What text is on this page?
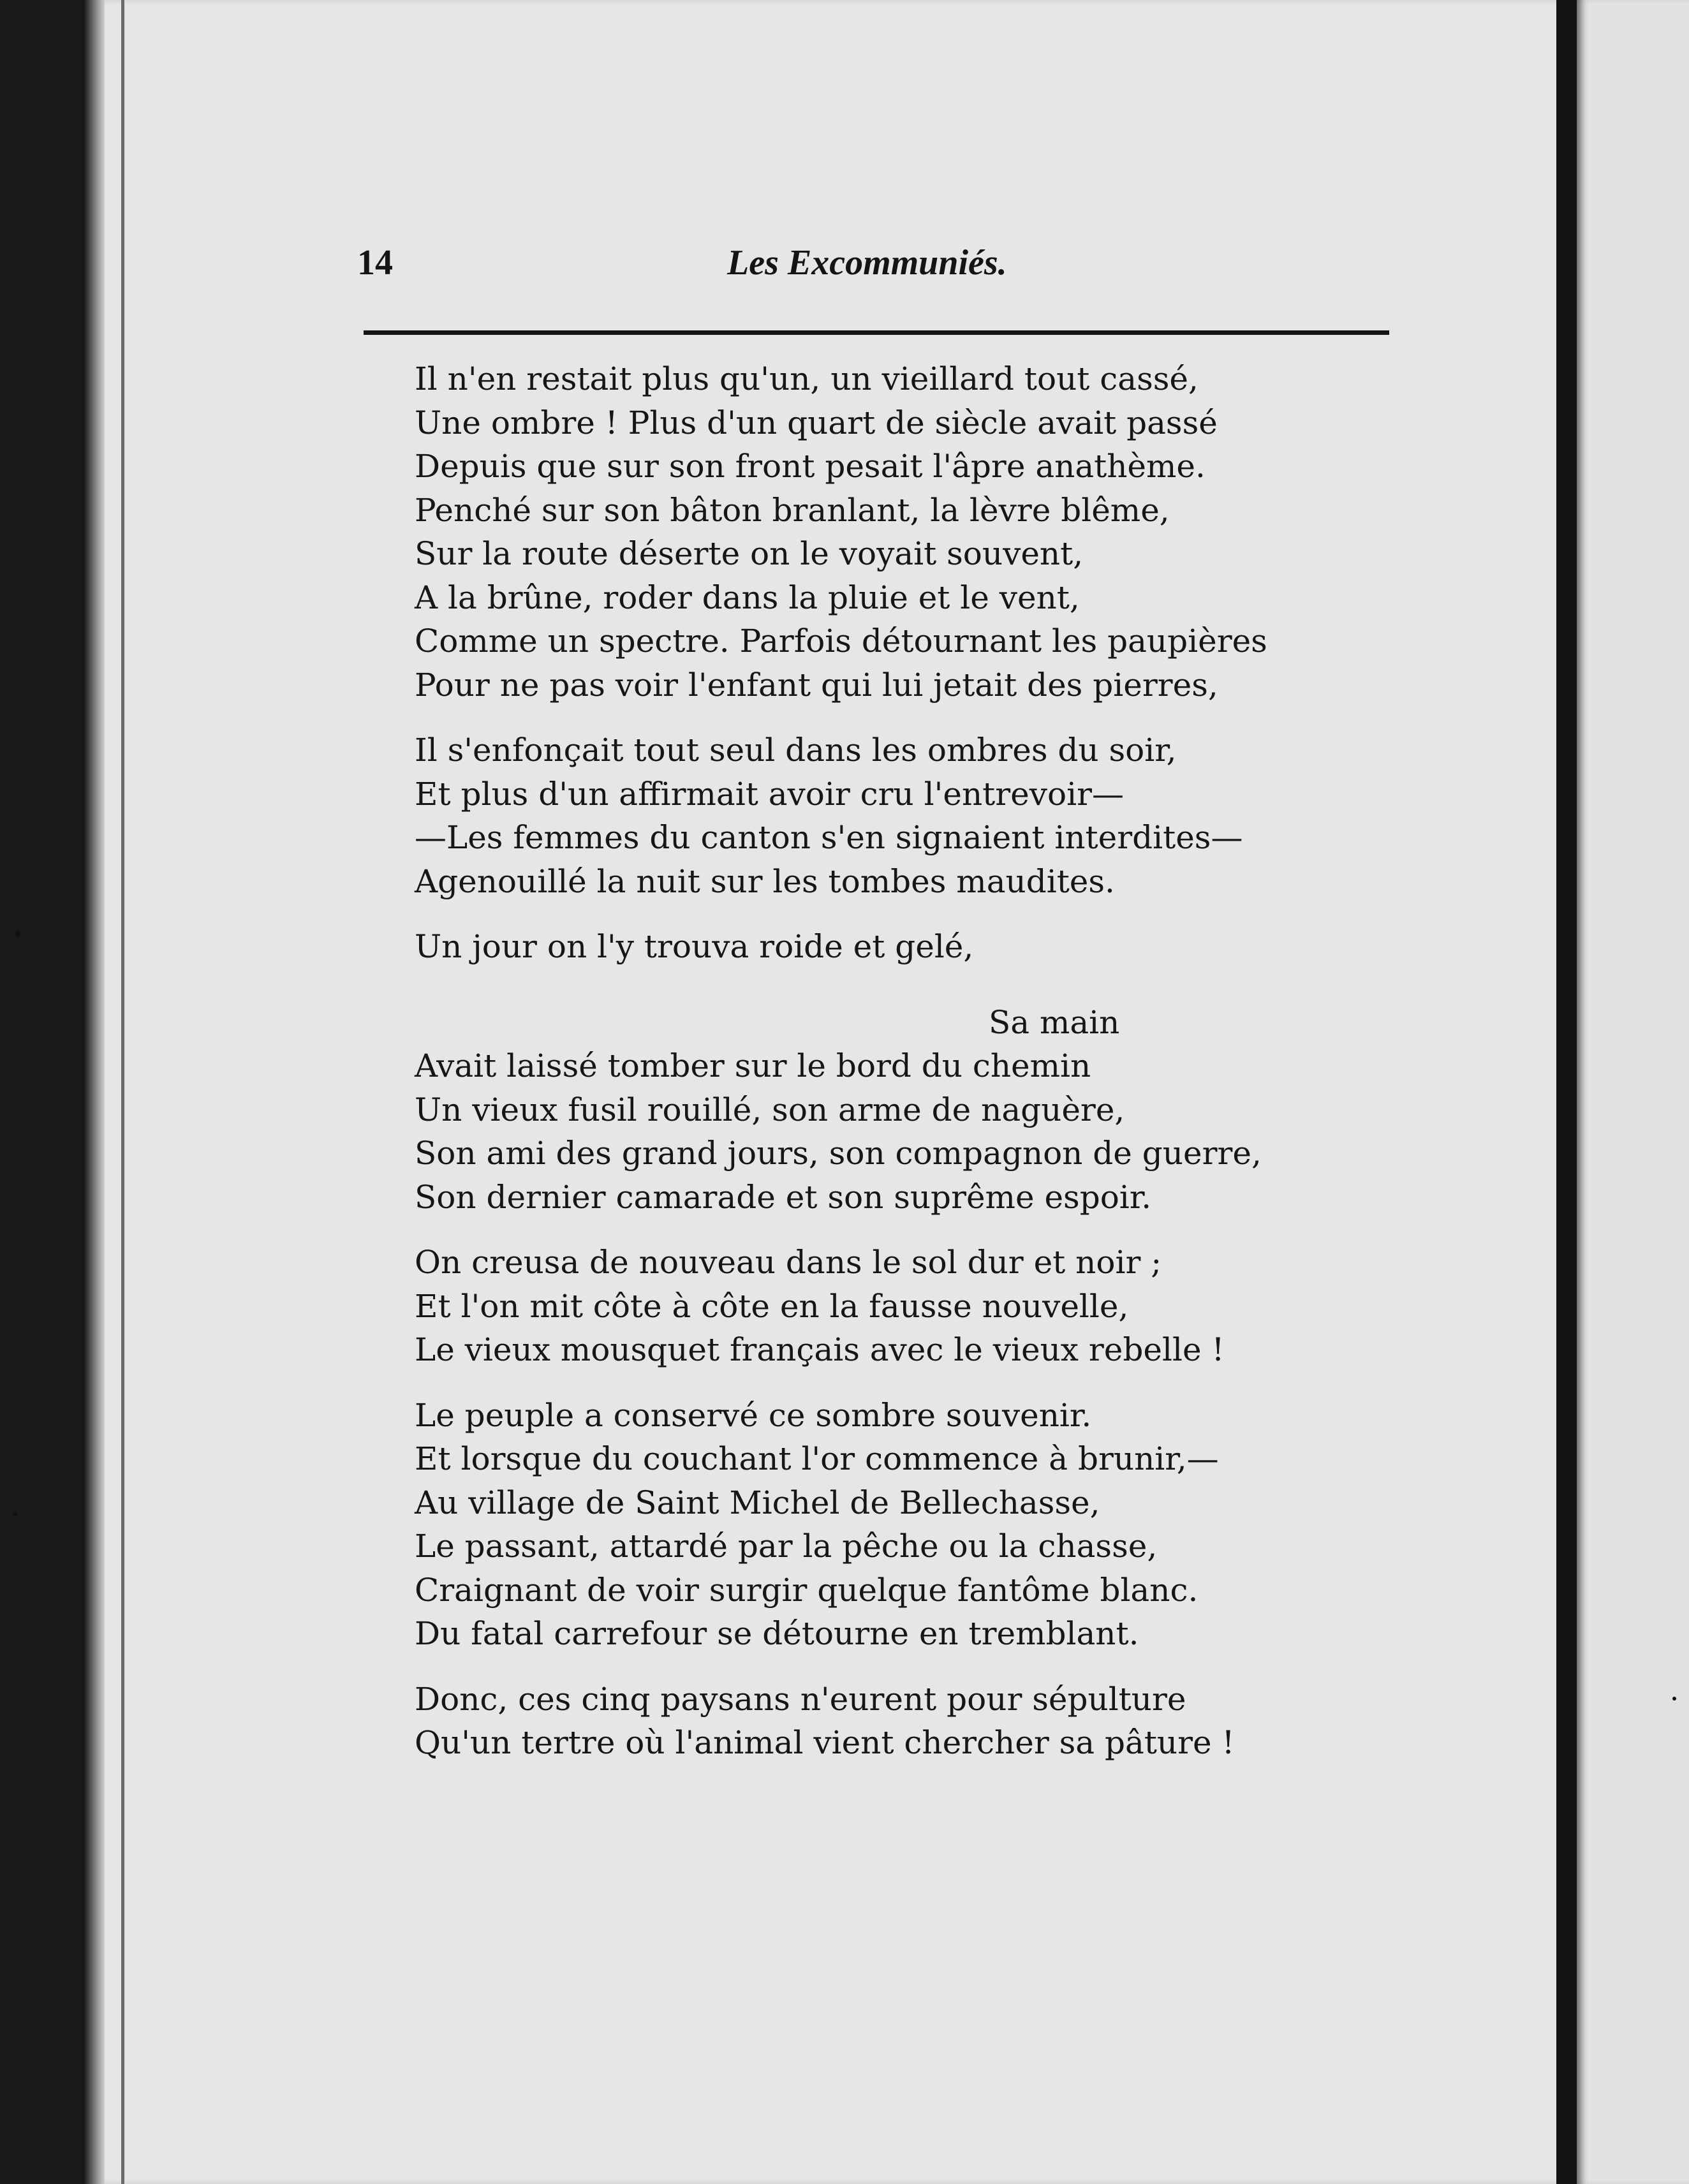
14	Les Excommuniés.
Il n'en restait plus qu'un, un vieillard tout cassé,
Une ombre ! Plus d'un quart de siècle avait passé
Depuis que sur son front pesait l'âpre anathème.
Penché sur son bâton branlant, la lèvre blême,
Sur la route déserte on le voyait souvent,
A la brûne, roder dans la pluie et le vent,
Comme un spectre. Parfois détournant les paupières
Pour ne pas voir l'enfant qui lui jetait des pierres,
Il s'enfonçait tout seul dans les ombres du soir,
Et plus d'un affirmait avoir cru l'entrevoir—
—Les femmes du canton s'en signaient interdites—
Agenouillé la nuit sur les tombes maudites.
Un jour on l'y trouva roide et gelé,
Sa main
Avait laissé tomber sur le bord du chemin
Un vieux fusil rouillé, son arme de naguère,
Son ami des grand jours, son compagnon de guerre,
Son dernier camarade et son suprême espoir.
On creusa de nouveau dans le sol dur et noir ;
Et l'on mit côte à côte en la fausse nouvelle,
Le vieux mousquet français avec le vieux rebelle !
Le peuple a conservé ce sombre souvenir.
Et lorsque du couchant l'or commence à brunir,—
Au village de Saint Michel de Bellechasse,
Le passant, attardé par la pêche ou la chasse,
Craignant de voir surgir quelque fantôme blanc.
Du fatal carrefour se détourne en tremblant.
Donc, ces cinq paysans n'eurent pour sépulture
Qu'un tertre où l'animal vient chercher sa pâture !
